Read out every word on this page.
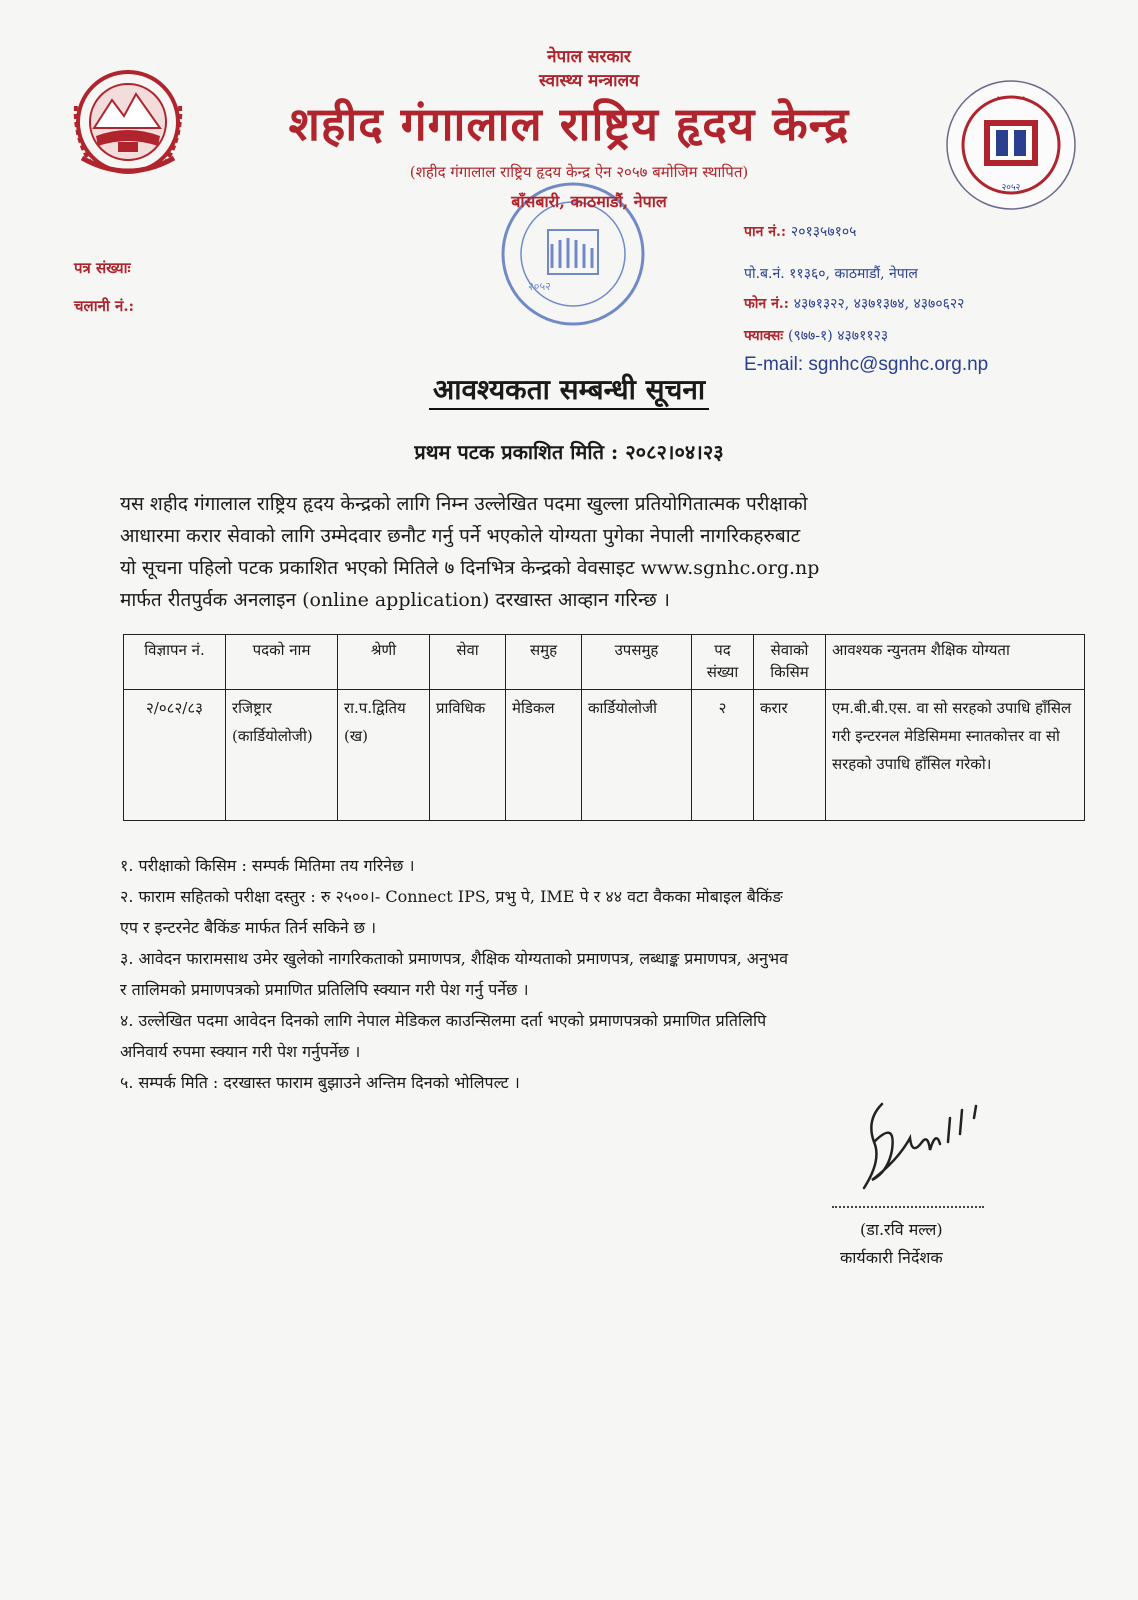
२०५२
• • • • •
२०५२
नेपाल सरकार
स्वास्थ्य मन्त्रालय
शहीद गंगालाल राष्ट्रिय हृदय केन्द्र
(शहीद गंगालाल राष्ट्रिय हृदय केन्द्र ऐन २०५७ बमोजिम स्थापित)
बाँसबारी, काठमाडौं, नेपाल
पत्र संख्याः
चलानी नं.:
पान नं.: २०१३५७१०५
पो.ब.नं. ११३६०, काठमाडौं, नेपाल
फोन नं.: ४३७१३२२, ४३७१३७४, ४३७०६२२
फ्याक्सः (९७७-१) ४३७११२३
E-mail: sgnhc@sgnhc.org.np
आवश्यकता सम्बन्धी सूचना
प्रथम पटक प्रकाशित मिति : २०८२।०४।२३
यस शहीद गंगालाल राष्ट्रिय हृदय केन्द्रको लागि निम्न उल्लेखित पदमा खुल्ला प्रतियोगितात्मक परीक्षाको
आधारमा करार सेवाको लागि उम्मेदवार छनौट गर्नु पर्ने भएकोले योग्यता पुगेका नेपाली नागरिकहरुबाट
यो सूचना पहिलो पटक प्रकाशित भएको मितिले ७ दिनभित्र केन्द्रको वेवसाइट www.sgnhc.org.np
मार्फत रीतपुर्वक अनलाइन (online application) दरखास्त आव्हान गरिन्छ ।
विज्ञापन नं.	पदको नाम	श्रेणी	सेवा	समुह	उपसमुह	पद संख्या	सेवाको किसिम	आवश्यक न्युनतम शैक्षिक योग्यता
२/०८२/८३	रजिष्ट्रार (कार्डियोलोजी)	रा.प.द्वितिय (ख)	प्राविधिक	मेडिकल	कार्डियोलोजी	२	करार	एम.बी.बी.एस. वा सो सरहको उपाधि हाँसिल गरी इन्टरनल मेडिसिममा स्नातकोत्तर वा सो सरहको उपाधि हाँसिल गरेको।
१. परीक्षाको किसिम : सम्पर्क मितिमा तय गरिनेछ ।
२. फाराम सहितको परीक्षा दस्तुर : रु २५००।- Connect IPS, प्रभु पे, IME पे र ४४ वटा वैकका मोबाइल बैकिंङ
एप र इन्टरनेट बैकिंङ मार्फत तिर्न सकिने छ ।
३. आवेदन फारामसाथ उमेर खुलेको नागरिकताको प्रमाणपत्र, शैक्षिक योग्यताको प्रमाणपत्र, लब्धाङ्क प्रमाणपत्र, अनुभव
र तालिमको प्रमाणपत्रको प्रमाणित प्रतिलिपि स्क्यान गरी पेश गर्नु पर्नेछ ।
४. उल्लेखित पदमा आवेदन दिनको लागि नेपाल मेडिकल काउन्सिलमा दर्ता भएको प्रमाणपत्रको प्रमाणित प्रतिलिपि
अनिवार्य रुपमा स्क्यान गरी पेश गर्नुपर्नेछ ।
५. सम्पर्क मिति : दरखास्त फाराम बुझाउने अन्तिम दिनको भोलिपल्ट ।
(डा.रवि मल्ल)
कार्यकारी निर्देशक
